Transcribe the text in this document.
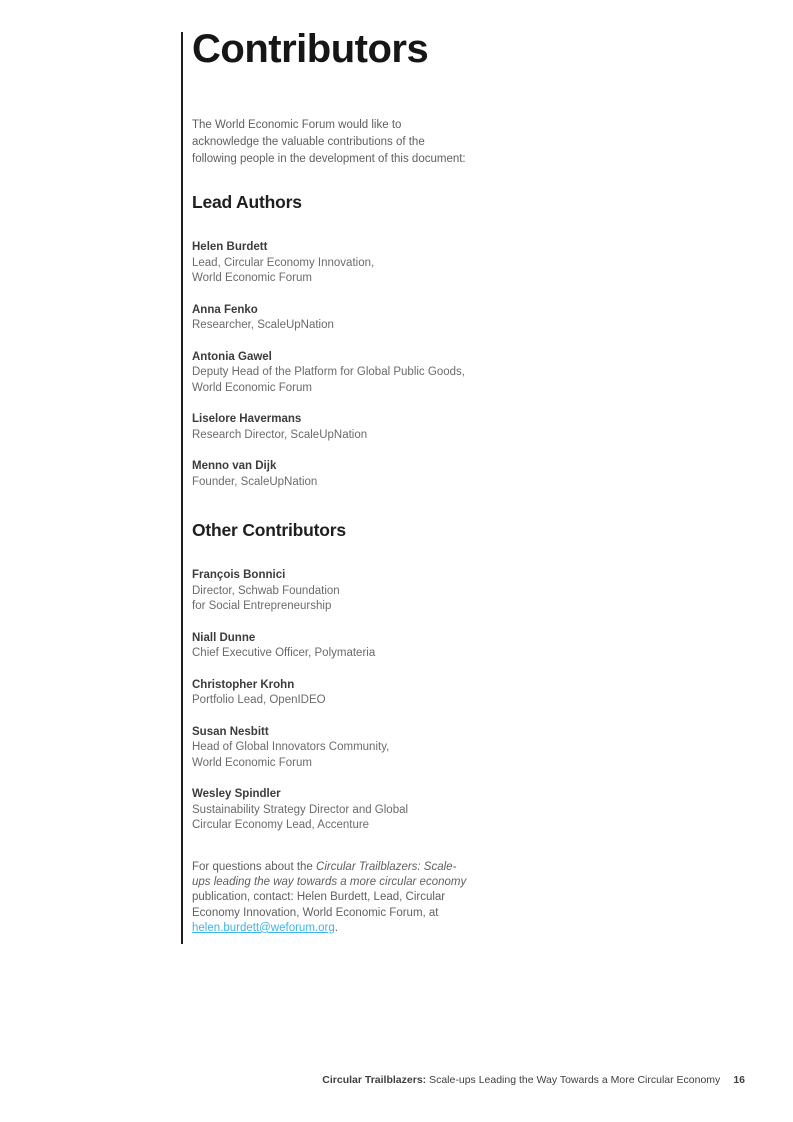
Contributors

The World Economic Forum would like to acknowledge the valuable contributions of the following people in the development of this document:

Lead Authors
Helen Burdett
Lead, Circular Economy Innovation,
World Economic Forum
Anna Fenko
Researcher, ScaleUpNation
Antonia Gawel
Deputy Head of the Platform for Global Public Goods,
World Economic Forum
Liselore Havermans
Research Director, ScaleUpNation
Menno van Dijk
Founder, ScaleUpNation
Other Contributors
François Bonnici
Director, Schwab Foundation
for Social Entrepreneurship
Niall Dunne
Chief Executive Officer, Polymateria
Christopher Krohn
Portfolio Lead, OpenIDEO
Susan Nesbitt
Head of Global Innovators Community,
World Economic Forum
Wesley Spindler
Sustainability Strategy Director and Global
Circular Economy Lead, Accenture

For questions about the Circular Trailblazers: Scale-ups leading the way towards a more circular economy publication, contact: Helen Burdett, Lead, Circular Economy Innovation, World Economic Forum, at helen.burdett@weforum.org.

Circular Trailblazers: Scale-ups Leading the Way Towards a More Circular Economy 16
